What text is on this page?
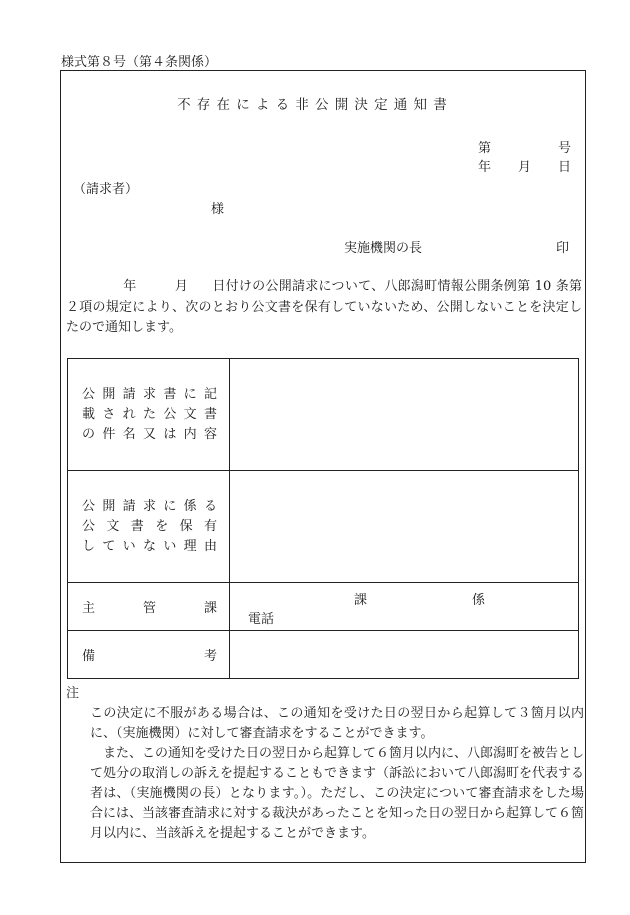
様式第８号（第４条関係）
不存在による非公開決定通知書
第	号
年 月 日
（請求者）
様
実施機関の長	印
年	月 日付けの公開請求について、八郎潟町情報公開条例第 10 条第２項の規定により、次のとおり公文書を保有していないため、公開しないことを決定したので通知します。
公開請求書に記
載された公文書
の件名又は内容	

公開請求に係る
公文書を保有
していない理由	

主管課	課 係
電話

備考	

注

この決定に不服がある場合は、この通知を受けた日の翌日から起算して３箇月以内に、（実施機関）に対して審査請求をすることができます。

また、この通知を受けた日の翌日から起算して６箇月以内に、八郎潟町を被告として処分の取消しの訴えを提起することもできます（訴訟において八郎潟町を代表する者は、（実施機関の長）となります。）。ただし、この決定について審査請求をした場合には、当該審査請求に対する裁決があったことを知った日の翌日から起算して６箇月以内に、当該訴えを提起することができます。
